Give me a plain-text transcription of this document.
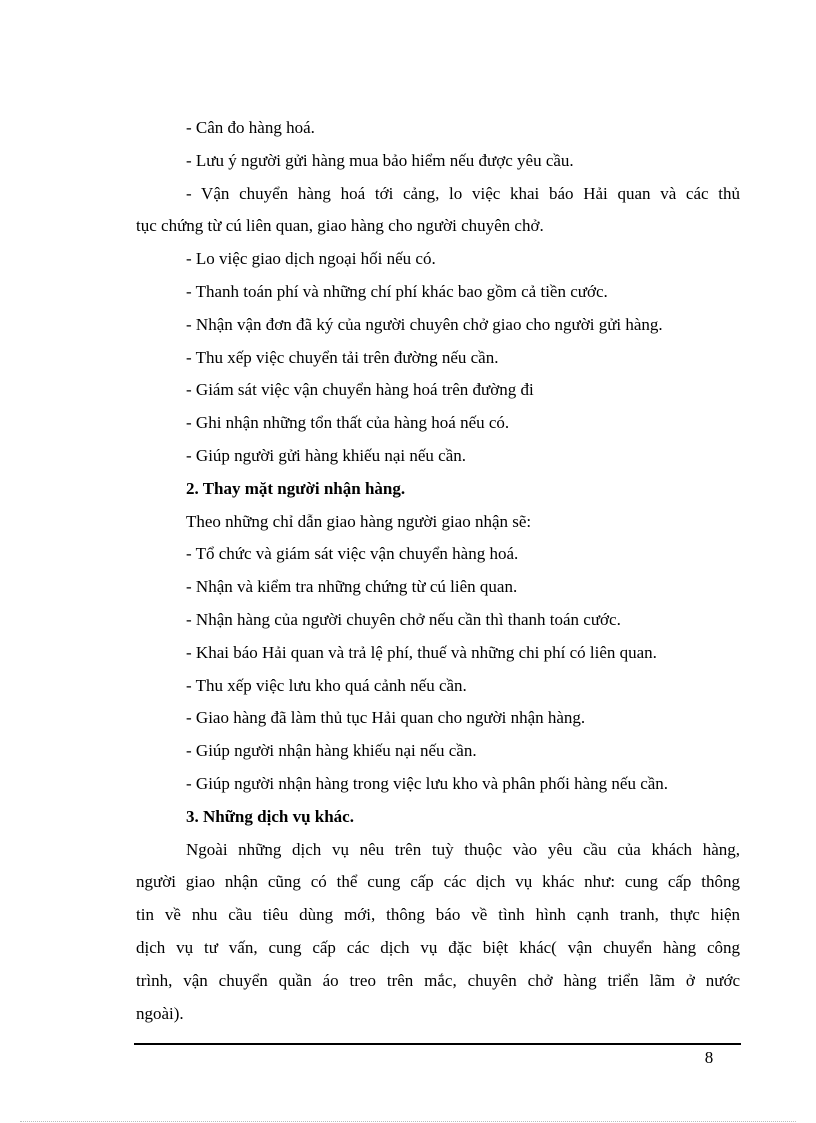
- Cân đo hàng hoá.
- Lưu ý người gửi hàng mua bảo hiểm nếu được yêu cầu.
- Vận chuyển hàng hoá tới cảng, lo việc khai báo Hải quan và các thủ
tục chứng từ cú liên quan, giao hàng cho người chuyên chở.
- Lo việc giao dịch ngoại hối nếu có.
- Thanh toán phí và những chí phí khác bao gồm cả tiền cước.
- Nhận vận đơn đã ký của người chuyên chở giao cho người gửi hàng.
- Thu xếp việc chuyển tải trên đường nếu cần.
- Giám sát việc vận chuyển hàng hoá trên đường đi
- Ghi nhận những tổn thất của hàng hoá nếu có.
- Giúp người gửi hàng khiếu nại nếu cần.
2. Thay mặt người nhận hàng.
Theo những chỉ dẫn giao hàng người giao nhận sẽ:
- Tổ chức và giám sát việc vận chuyển hàng hoá.
- Nhận và kiểm tra những chứng từ cú liên quan.
- Nhận hàng của người chuyên chở nếu cần thì thanh toán cước.
- Khai báo Hải quan và trả lệ phí, thuế và những chi phí có liên quan.
- Thu xếp việc lưu kho quá cảnh nếu cần.
- Giao hàng đã làm thủ tục Hải quan cho người nhận hàng.
- Giúp người nhận hàng khiếu nại nếu cần.
- Giúp người nhận hàng trong việc lưu kho và phân phối hàng nếu cần.
3. Những dịch vụ khác.
Ngoài những dịch vụ nêu trên tuỳ thuộc vào yêu cầu của khách hàng,
người giao nhận cũng có thể cung cấp các dịch vụ khác như: cung cấp thông
tin về nhu cầu tiêu dùng mới, thông báo về tình hình cạnh tranh, thực hiện
dịch vụ tư vấn, cung cấp các dịch vụ đặc biệt khác( vận chuyển hàng công
trình, vận chuyển quần áo treo trên mắc, chuyên chở hàng triển lãm ở nước
ngoài).
8
